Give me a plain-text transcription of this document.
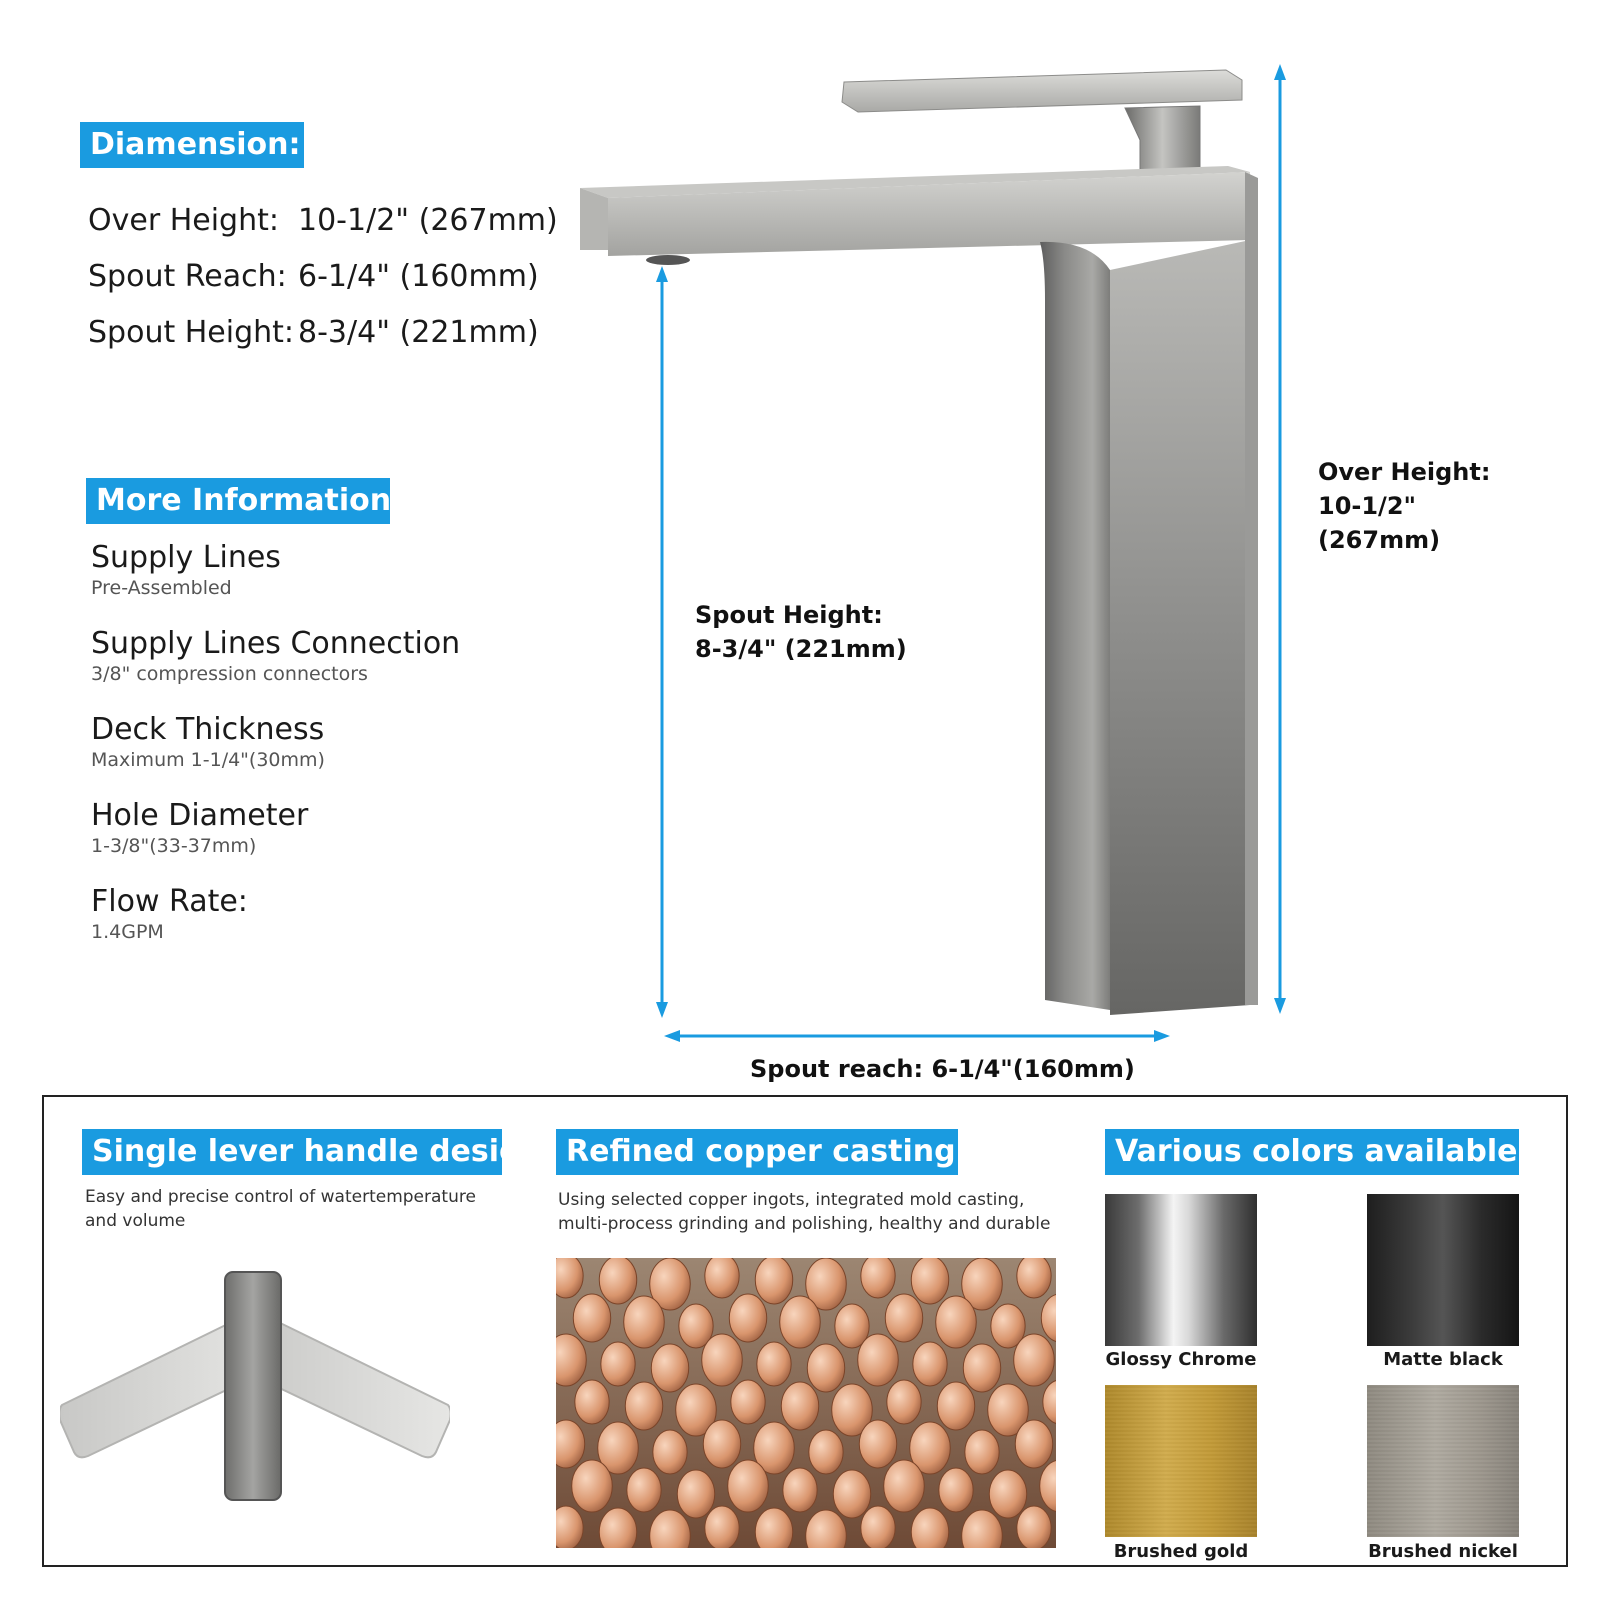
Diamension:
Over Height: 10-1/2" (267mm)
Spout Reach: 6-1/4" (160mm)
Spout Height: 8-3/4" (221mm)
More Information
Supply Lines
Pre-Assembled
Supply Lines Connection
3/8" compression connectors
Deck Thickness
Maximum 1-1/4"(30mm)
Hole Diameter
1-3/8"(33-37mm)
Flow Rate:
1.4GPM
Over Height:
10-1/2"
(267mm)
Spout Height:
8-3/4" (221mm)
Spout reach: 6-1/4"(160mm)
Single lever handle design
Easy and precise control of watertemperature and volume
Refined copper casting
Using selected copper ingots, integrated mold casting, multi-process grinding and polishing, healthy and durable
Various colors available
Glossy Chrome	Matte black
Brushed gold	Brushed nickel
